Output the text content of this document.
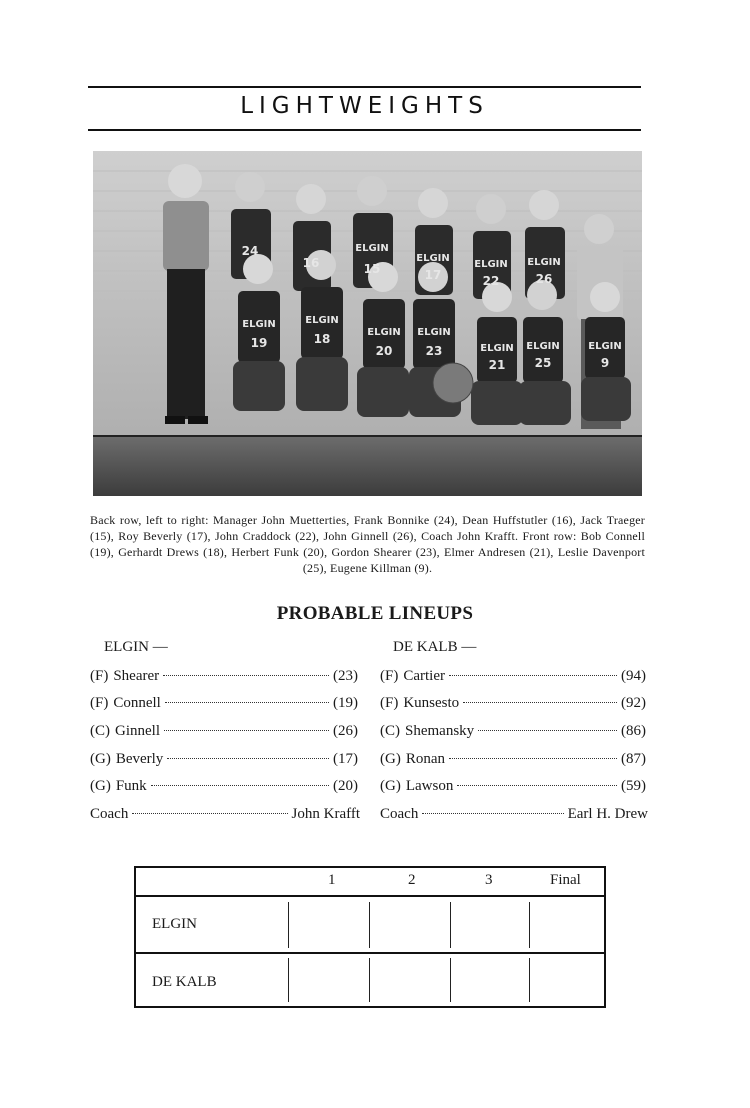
LIGHTWEIGHTS
ELGIN
ELGIN
ELGIN ELGIN
ELGIN	ELGIN
ELGIN ELGIN
ELGIN ELGIN	ELGIN
24
16	15	17	22	26
19	18
20	23
21 25	9
Back row, left to right: Manager John Muetterties, Frank Bonnike (24), Dean Huffstutler (16), Jack Traeger (15), Roy Beverly (17), John Craddock (22), John Ginnell (26), Coach John Krafft. Front row: Bob Connell (19), Gerhardt Drews (18), Herbert Funk (20), Gordon Shearer (23), Elmer Andresen (21), Leslie Davenport (25), Eugene Killman (9).
PROBABLE LINEUPS
ELGIN —	DE KALB —
(F) Shearer	(23)
(F) Connell	(19)
(C) Ginnell	(26)
(G) Beverly	(17)
(G) Funk	(20)
Coach	John Krafft
(F) Cartier	(94)
(F) Kunsesto	(92)
(C) Shemansky	(86)
(G) Ronan	(87)
(G) Lawson	(59)
Coach	Earl H. Drew
1	2	3	Final
ELGIN
DE KALB
